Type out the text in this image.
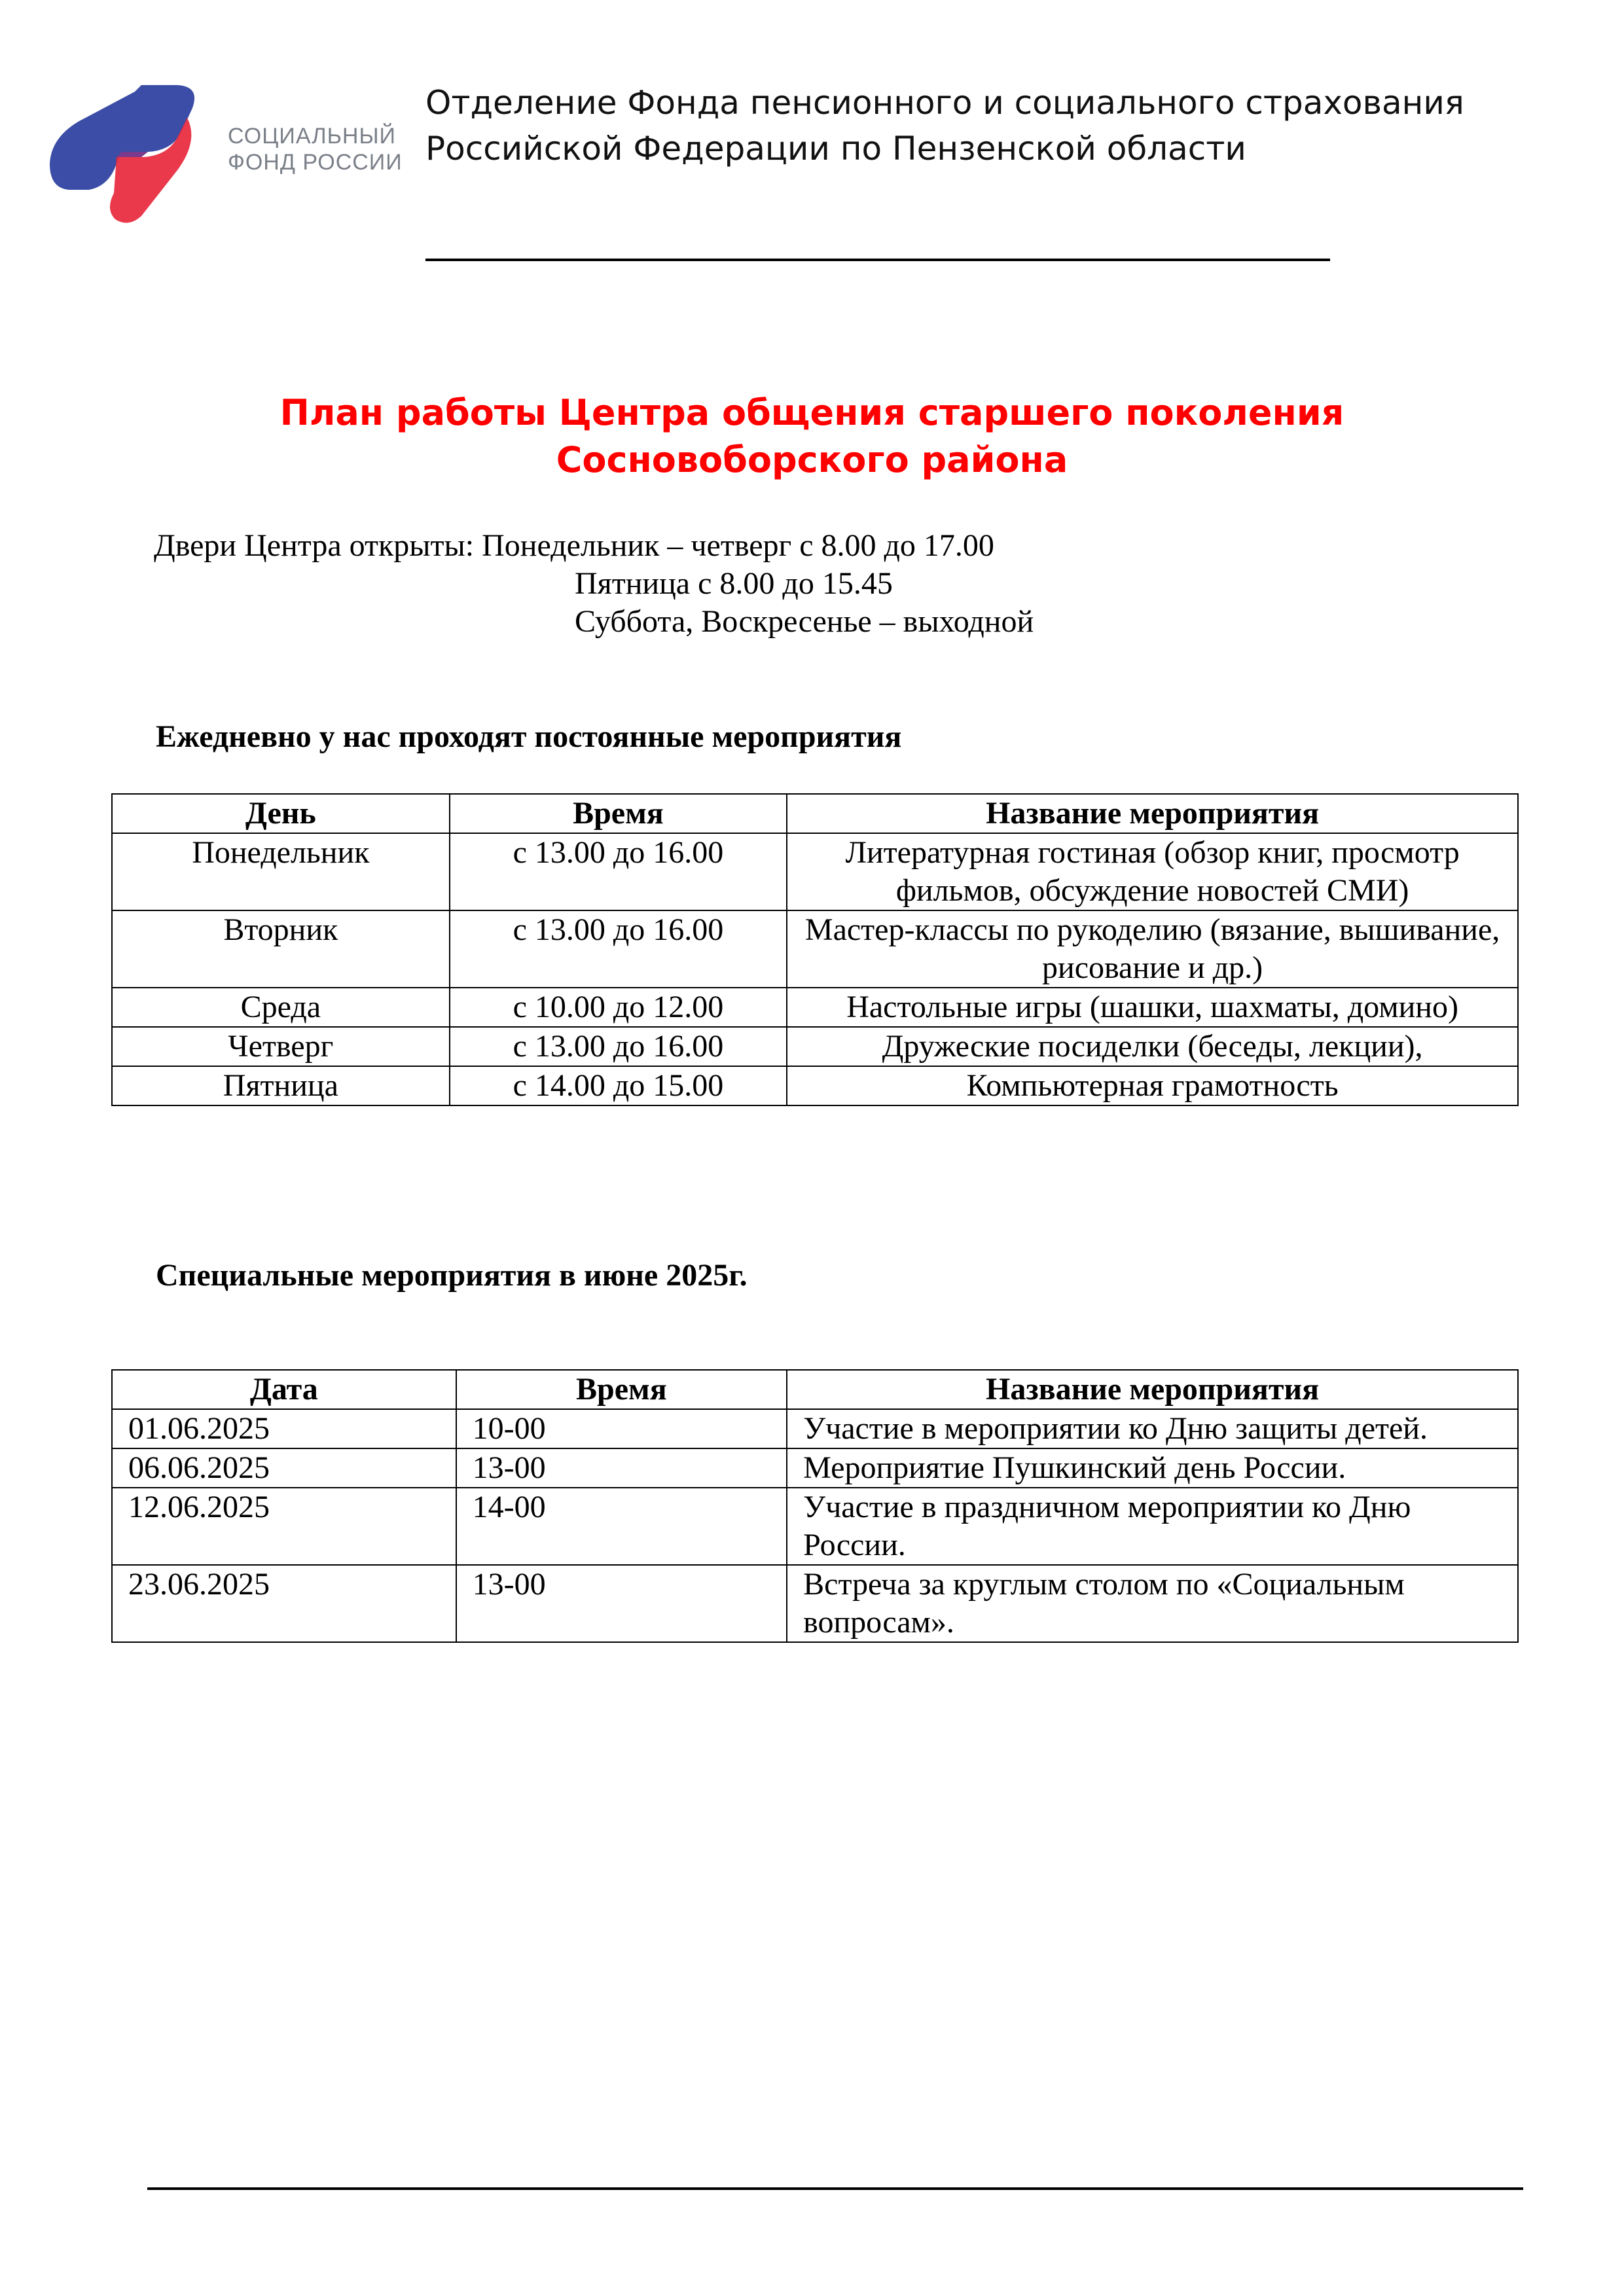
СОЦИАЛЬНЫЙ
ФОНД РОССИИ
Отделение Фонда пенсионного и социального страхования
Российской Федерации по Пензенской области
План работы Центра общения старшего поколения
Сосновоборского района
Двери Центра открыты: Понедельник – четверг с 8.00 до 17.00
Пятница с 8.00 до 15.45
Суббота, Воскресенье – выходной
Ежедневно у нас проходят постоянные мероприятия
День	Время	Название мероприятия
Понедельник	с 13.00 до 16.00	Литературная гостиная (обзор книг, просмотр фильмов, обсуждение новостей СМИ)
Вторник	с 13.00 до 16.00	Мастер-классы по рукоделию (вязание, вышивание, рисование и др.)
Среда	с 10.00 до 12.00	Настольные игры (шашки, шахматы, домино)
Четверг	с 13.00 до 16.00	Дружеские посиделки (беседы, лекции),
Пятница	с 14.00 до 15.00	Компьютерная грамотность
Специальные мероприятия в июне 2025г.
Дата	Время	Название мероприятия
01.06.2025	10-00	Участие в мероприятии ко Дню защиты детей.
06.06.2025	13-00	Мероприятие Пушкинский день России.
12.06.2025	14-00	Участие в праздничном мероприятии ко Дню России.
23.06.2025	13-00	Встреча за круглым столом по «Социальным вопросам».
